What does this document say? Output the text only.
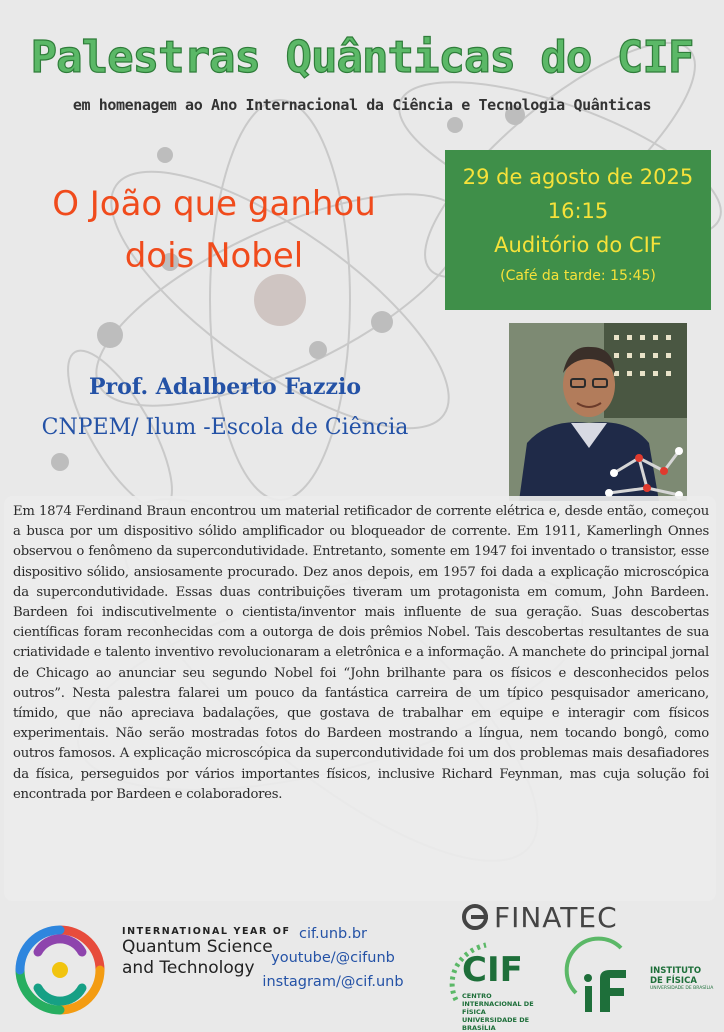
Palestras Quânticas do CIF
em homenagem ao Ano Internacional da Ciência e Tecnologia Quânticas
O João que ganhou
dois Nobel
29 de agosto de 2025
16:15
Auditório do CIF
(Café da tarde: 15:45)
Prof. Adalberto Fazzio
CNPEM/ Ilum -Escola de Ciência
Em 1874 Ferdinand Braun encontrou um material retificador de corrente elétrica e, desde então, começou a busca por um dispositivo sólido amplificador ou bloqueador de corrente. Em 1911, Kamerlingh Onnes observou o fenômeno da supercondutividade. Entretanto, somente em 1947 foi inventado o transistor, esse dispositivo sólido, ansiosamente procurado. Dez anos depois, em 1957 foi dada a explicação microscópica da supercondutividade. Essas duas contribuições tiveram um protagonista em comum, John Bardeen. Bardeen foi indiscutivelmente o cientista/inventor mais influente de sua geração. Suas descobertas científicas foram reconhecidas com a outorga de dois prêmios Nobel. Tais descobertas resultantes de sua criatividade e talento inventivo revolucionaram a eletrônica e a informação. A manchete do principal jornal de Chicago ao anunciar seu segundo Nobel foi “John brilhante para os físicos e desconhecidos pelos outros”. Nesta palestra falarei um pouco da fantástica carreira de um típico pesquisador americano, tímido, que não apreciava badalações, que gostava de trabalhar em equipe e interagir com físicos experimentais. Não serão mostradas fotos do Bardeen mostrando a língua, nem tocando bongô, como outros famosos. A explicação microscópica da supercondutividade foi um dos problemas mais desafiadores da física, perseguidos por vários importantes físicos, inclusive Richard Feynman, mas cuja solução foi encontrada por Bardeen e colaboradores.
INTERNATIONAL YEAR OF
Quantum Science
and Technology
cif.unb.br
youtube/@cifunb
instagram/@cif.unb
FINATEC
CIF
CENTRO INTERNACIONAL DE FÍSICA
UNIVERSIDADE DE BRASÍLIA
INSTITUTO
DE FÍSICA
UNIVERSIDADE DE BRASÍLIA
